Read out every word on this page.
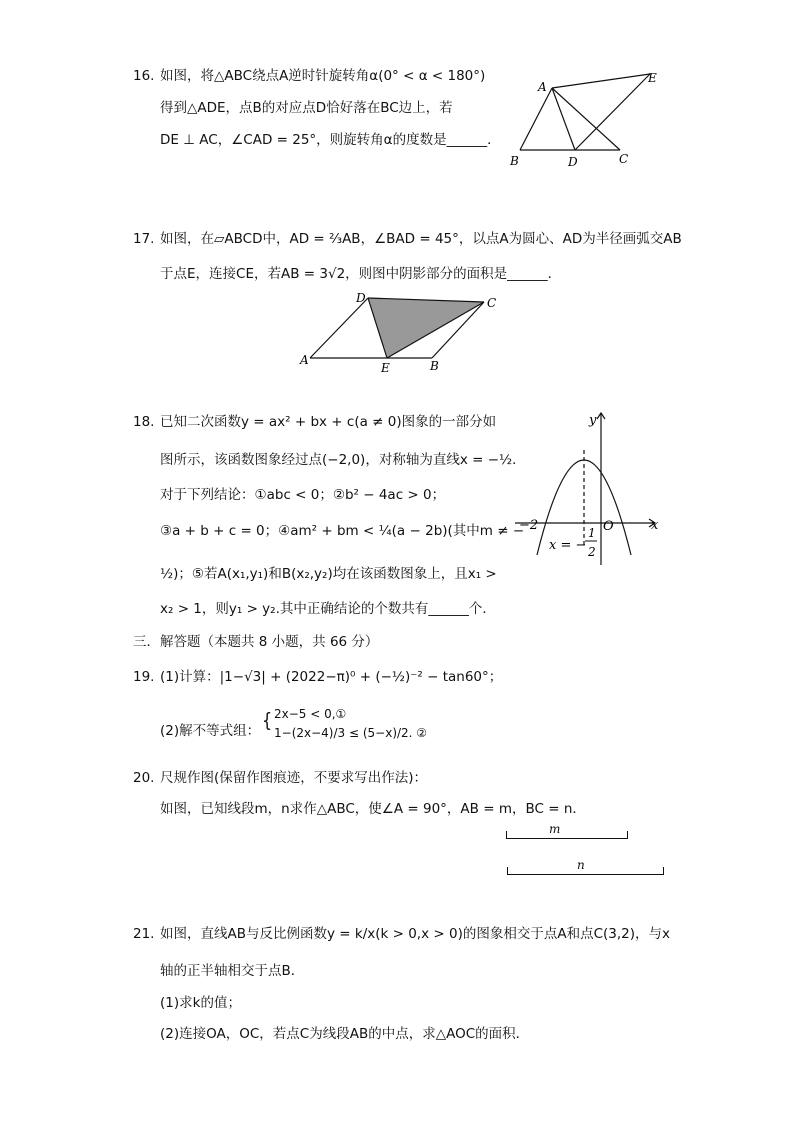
16. 如图，将△ABC绕点A逆时针旋转角α(0° < α < 180°)
得到△ADE，点B的对应点D恰好落在BC边上，若
DE ⊥ AC，∠CAD = 25°，则旋转角α的度数是______．
A
B	D	C
E
17. 如图，在▱ABCD中，AD = ⅔AB，∠BAD = 45°，以点A为圆心、AD为半径画弧交AB
于点E，连接CE，若AB = 3√2，则图中阴影部分的面积是______．
A
D	C
E	B
18. 已知二次函数y = ax² + bx + c(a ≠ 0)图象的一部分如
图所示，该函数图象经过点(−2,0)，对称轴为直线x = −½．
对于下列结论：①abc < 0；②b² − 4ac > 0；
③a + b + c = 0；④am² + bm < ¼(a − 2b)(其中m ≠ −
½)；⑤若A(x₁,y₁)和B(x₂,y₂)均在该函数图象上，且x₁ >
x₂ > 1，则y₁ > y₂.其中正确结论的个数共有______个．
y
x
O
−2
x = −
1
2
三．解答题（本题共 8 小题，共 66 分）
19. (1)计算：|1−√3| + (2022−π)⁰ + (−½)⁻² − tan60°；
(2)解不等式组： { 2x−5 < 0,①
1−(2x−4)/3 ≤ (5−x)/2. ②
20. 尺规作图(保留作图痕迹，不要求写出作法)：
如图，已知线段m，n求作△ABC，使∠A = 90°，AB = m，BC = n．
m
n
21. 如图，直线AB与反比例函数y = k/x(k > 0,x > 0)的图象相交于点A和点C(3,2)，与x
轴的正半轴相交于点B．
(1)求k的值；
(2)连接OA，OC，若点C为线段AB的中点，求△AOC的面积．
